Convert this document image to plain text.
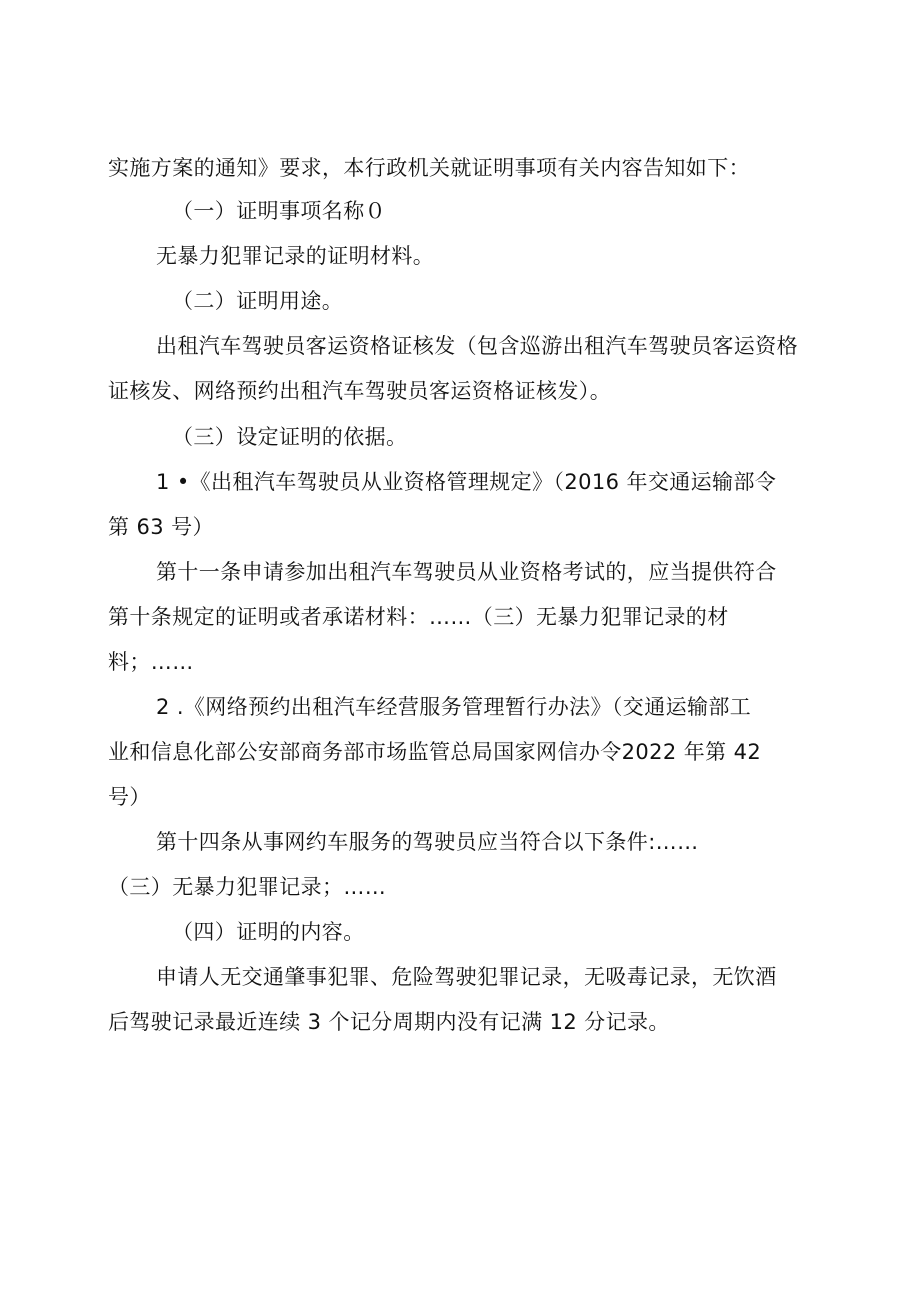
实施方案的通知》要求，本行政机关就证明事项有关内容告知如下：
（一）证明事项名称０
无暴力犯罪记录的证明材料。
（二）证明用途。
出租汽车驾驶员客运资格证核发（包含巡游出租汽车驾驶员客运资格
证核发、网络预约出租汽车驾驶员客运资格证核发）。
（三）设定证明的依据。
1 •《出租汽车驾驶员从业资格管理规定》（2016 年交通运输部令
第 63 号）
第十一条申请参加出租汽车驾驶员从业资格考试的，应当提供符合
第十条规定的证明或者承诺材料：……（三）无暴力犯罪记录的材
料；……
2 .《网络预约出租汽车经营服务管理暂行办法》（交通运输部工
业和信息化部公安部商务部市场监管总局国家网信办令2022 年第 42
号）
第十四条从事网约车服务的驾驶员应当符合以下条件:……
（三）无暴力犯罪记录；……
（四）证明的内容。
申请人无交通肇事犯罪、危险驾驶犯罪记录，无吸毒记录，无饮酒
后驾驶记录最近连续 3 个记分周期内没有记满 12 分记录。
